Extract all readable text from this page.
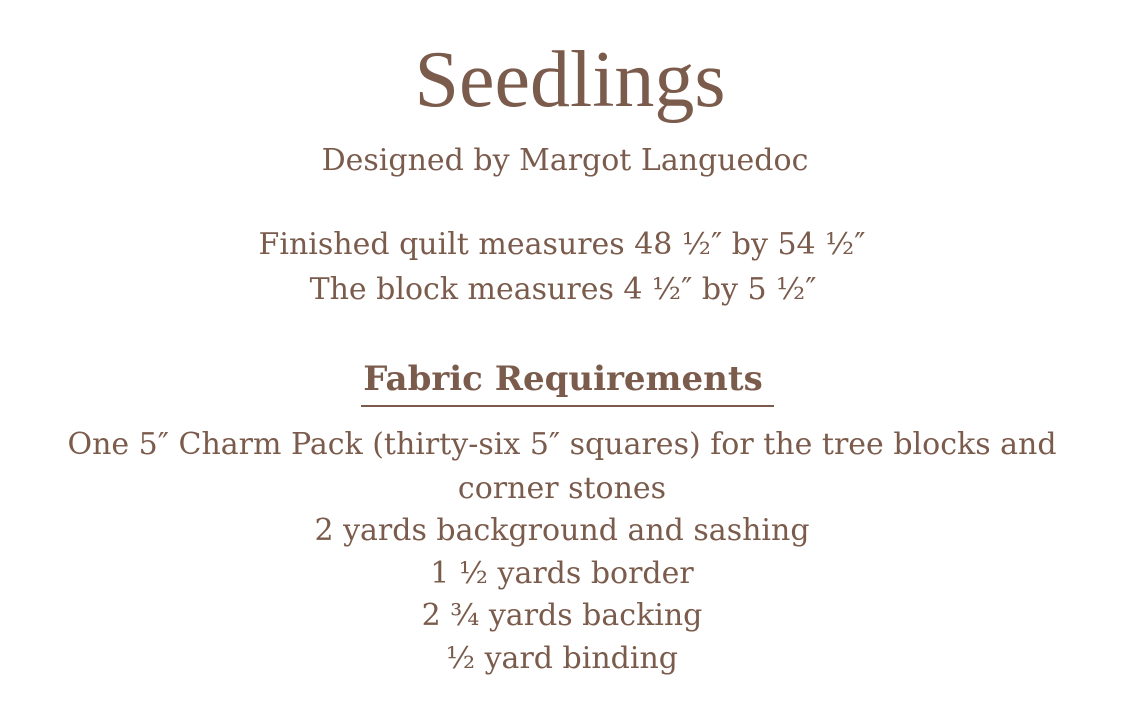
Seedlings
Designed by Margot Languedoc
Finished quilt measures 48 ½″ by 54 ½″
The block measures 4 ½″ by 5 ½″
Fabric Requirements
One 5″ Charm Pack (thirty-six 5″ squares) for the tree blocks and
corner stones
2 yards background and sashing
1 ½ yards border
2 ¾ yards backing
½ yard binding
